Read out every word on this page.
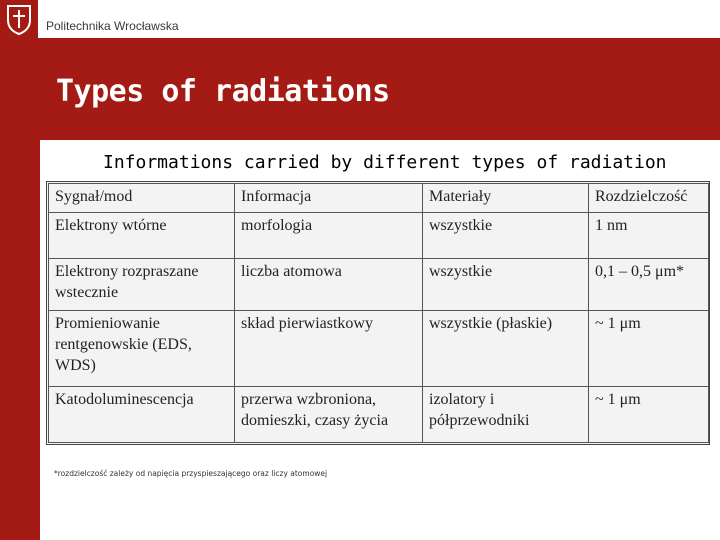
Politechnika Wrocławska
Types of radiations
Informations carried by different types of radiation
Sygnał/mod	Informacja	Materiały	Rozdzielczość
Elektrony wtórne	morfologia	wszystkie	1 nm
Elektrony rozpraszane wstecznie	liczba atomowa	wszystkie	0,1 – 0,5 μm*
Promieniowanie rentgenowskie (EDS, WDS)	skład pierwiastkowy	wszystkie (płaskie)	~ 1 μm
Katodoluminescencja	przerwa wzbroniona, domieszki, czasy życia	izolatory i półprzewodniki	~ 1 μm
*rozdzielczość zależy od napięcia przyspieszającego oraz liczy atomowej
